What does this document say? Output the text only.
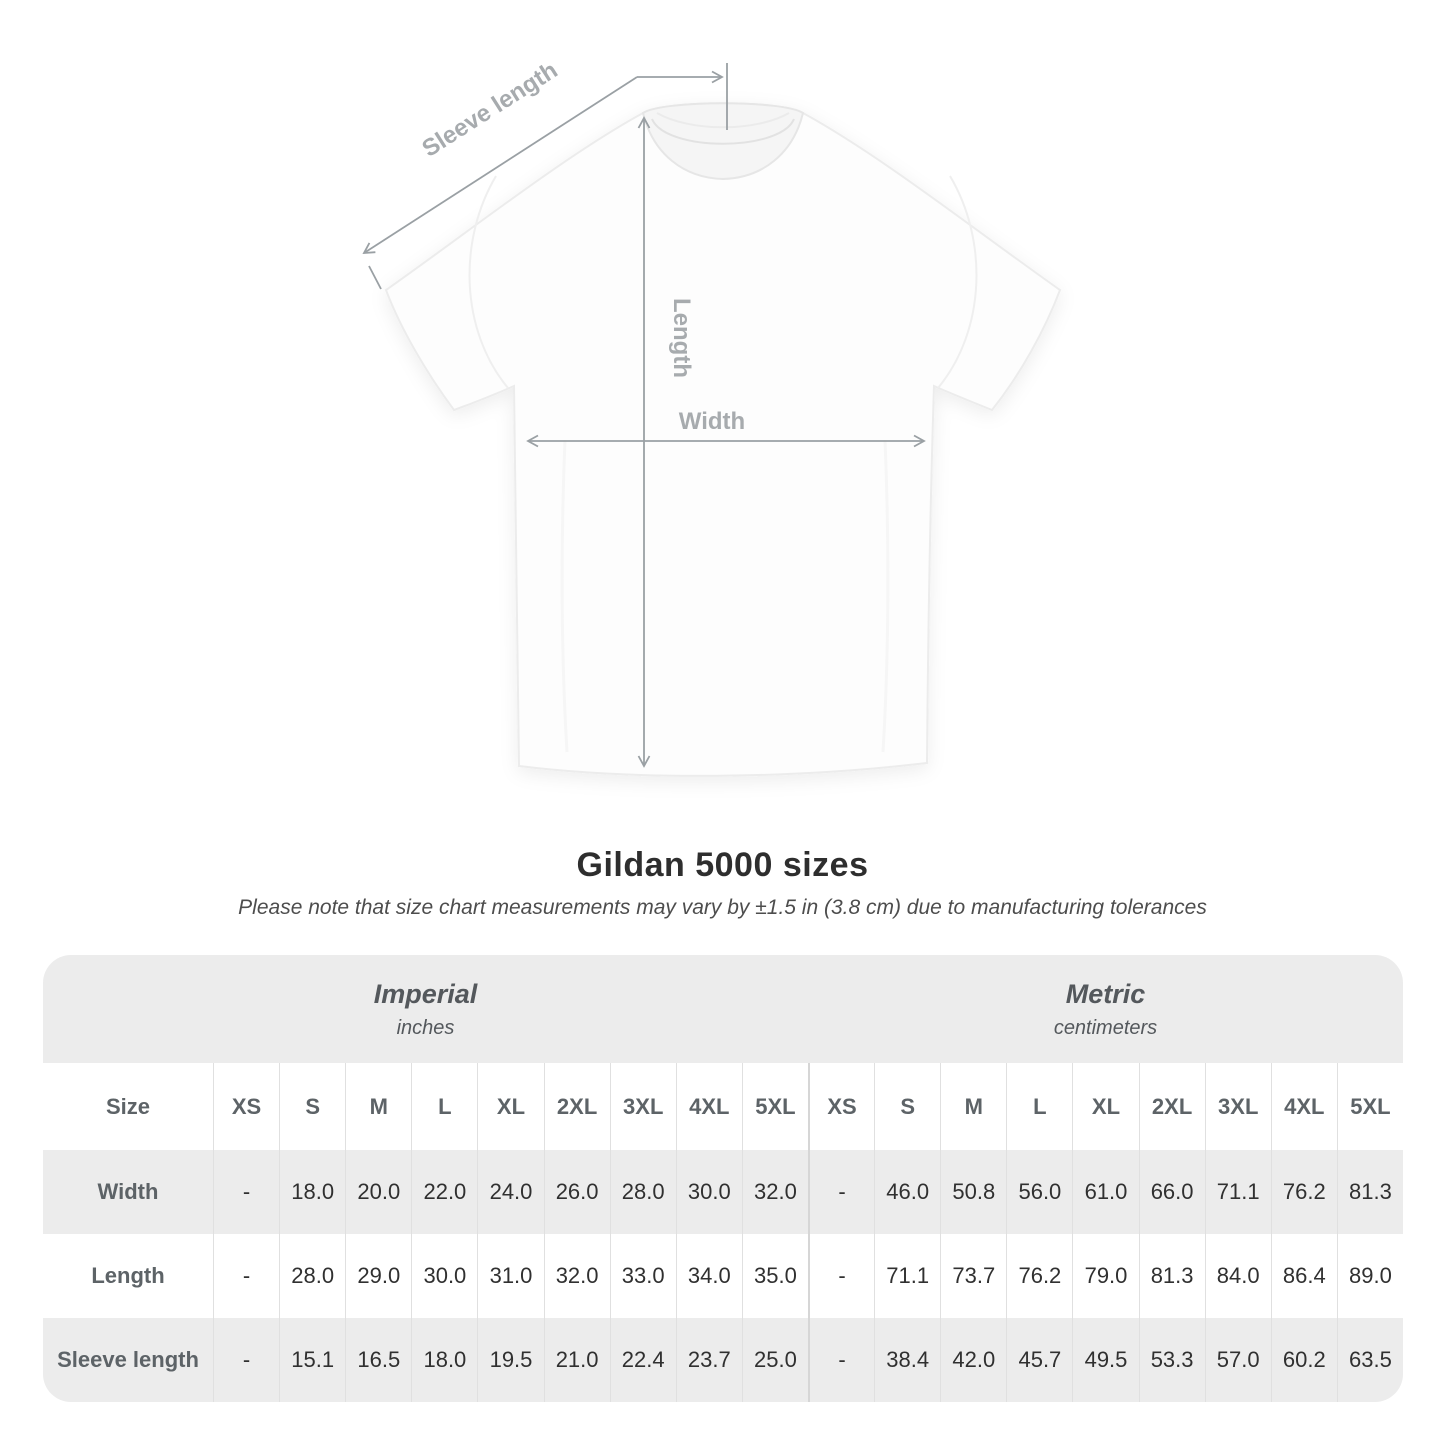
Sleeve length
Length
Width
Gildan 5000 sizes
Please note that size chart measurements may vary by ±1.5 in (3.8 cm) due to manufacturing tolerances
Imperial
inches
Metric
centimeters
Size	XS	S	M	L	XL	2XL	3XL	4XL	5XL	XS	S	M	L	XL	2XL	3XL	4XL	5XL
Width	-	18.0	20.0	22.0	24.0	26.0	28.0	30.0	32.0	-	46.0	50.8	56.0	61.0	66.0	71.1	76.2	81.3
Length	-	28.0	29.0	30.0	31.0	32.0	33.0	34.0	35.0	-	71.1	73.7	76.2	79.0	81.3	84.0	86.4	89.0
Sleeve length	-	15.1	16.5	18.0	19.5	21.0	22.4	23.7	25.0	-	38.4	42.0	45.7	49.5	53.3	57.0	60.2	63.5
